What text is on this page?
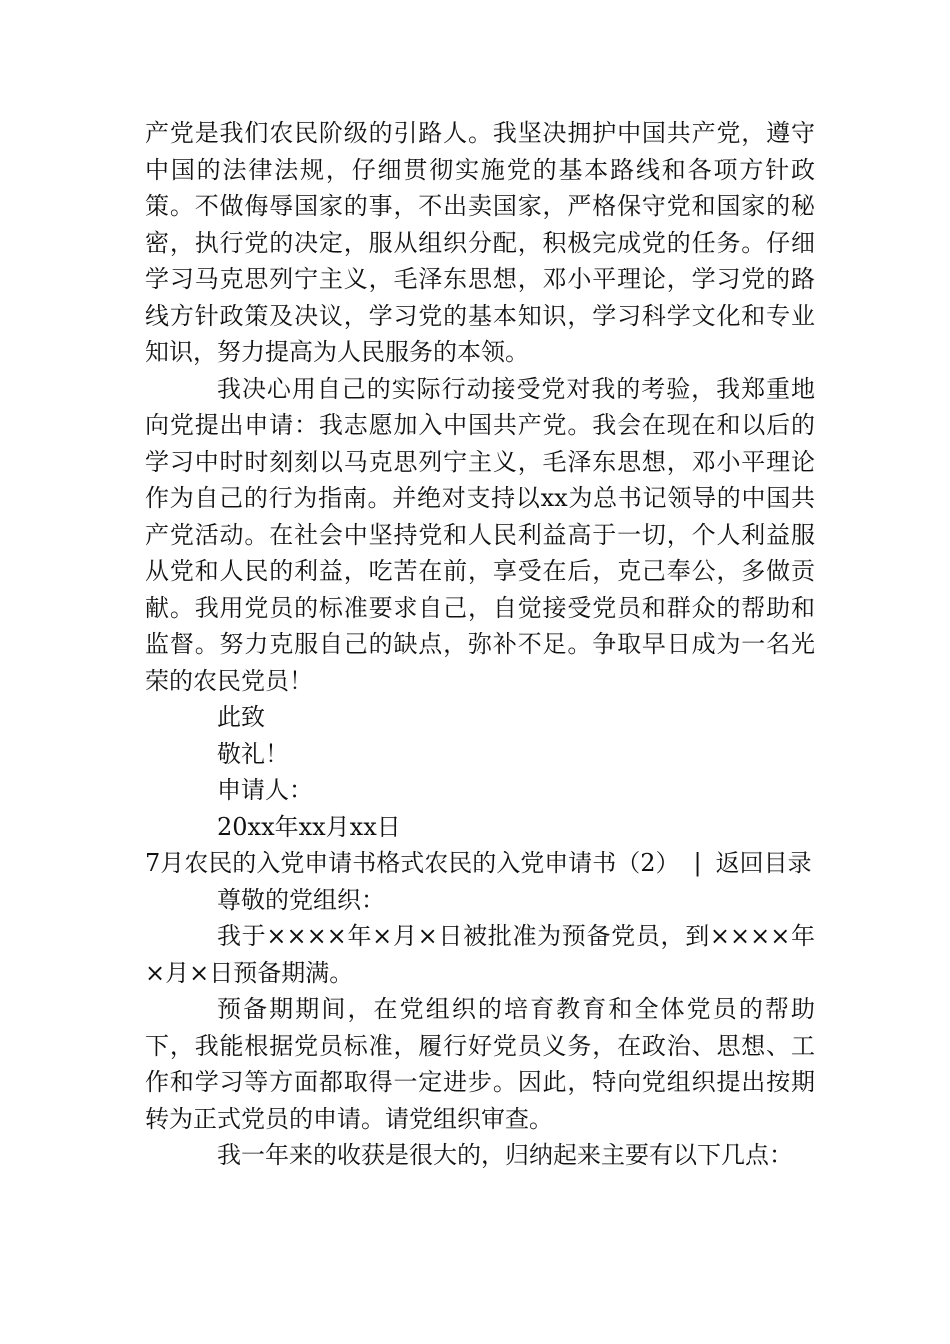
产党是我们农民阶级的引路人。我坚决拥护中国共产党，遵守中国的法律法规，仔细贯彻实施党的基本路线和各项方针政策。不做侮辱国家的事，不出卖国家，严格保守党和国家的秘密，执行党的决定，服从组织分配，积极完成党的任务。仔细学习马克思列宁主义，毛泽东思想，邓小平理论，学习党的路线方针政策及决议，学习党的基本知识，学习科学文化和专业知识，努力提高为人民服务的本领。

我决心用自己的实际行动接受党对我的考验，我郑重地向党提出申请：我志愿加入中国共产党。我会在现在和以后的学习中时时刻刻以马克思列宁主义，毛泽东思想，邓小平理论作为自己的行为指南。并绝对支持以xx为总书记领导的中国共产党活动。在社会中坚持党和人民利益高于一切，个人利益服从党和人民的利益，吃苦在前，享受在后，克己奉公，多做贡献。我用党员的标准要求自己，自觉接受党员和群众的帮助和监督。努力克服自己的缺点，弥补不足。争取早日成为一名光荣的农民党员！

此致

敬礼！

申请人：

20xx年xx月xx日

7月农民的入党申请书格式农民的入党申请书（2） | 返回目录尊敬的党组织：

我于××××年×月×日被批准为预备党员，到××××年×月×日预备期满。

预备期期间，在党组织的培育教育和全体党员的帮助下，我能根据党员标准，履行好党员义务，在政治、思想、工作和学习等方面都取得一定进步。因此，特向党组织提出按期转为正式党员的申请。请党组织审查。

我一年来的收获是很大的，归纳起来主要有以下几点：
